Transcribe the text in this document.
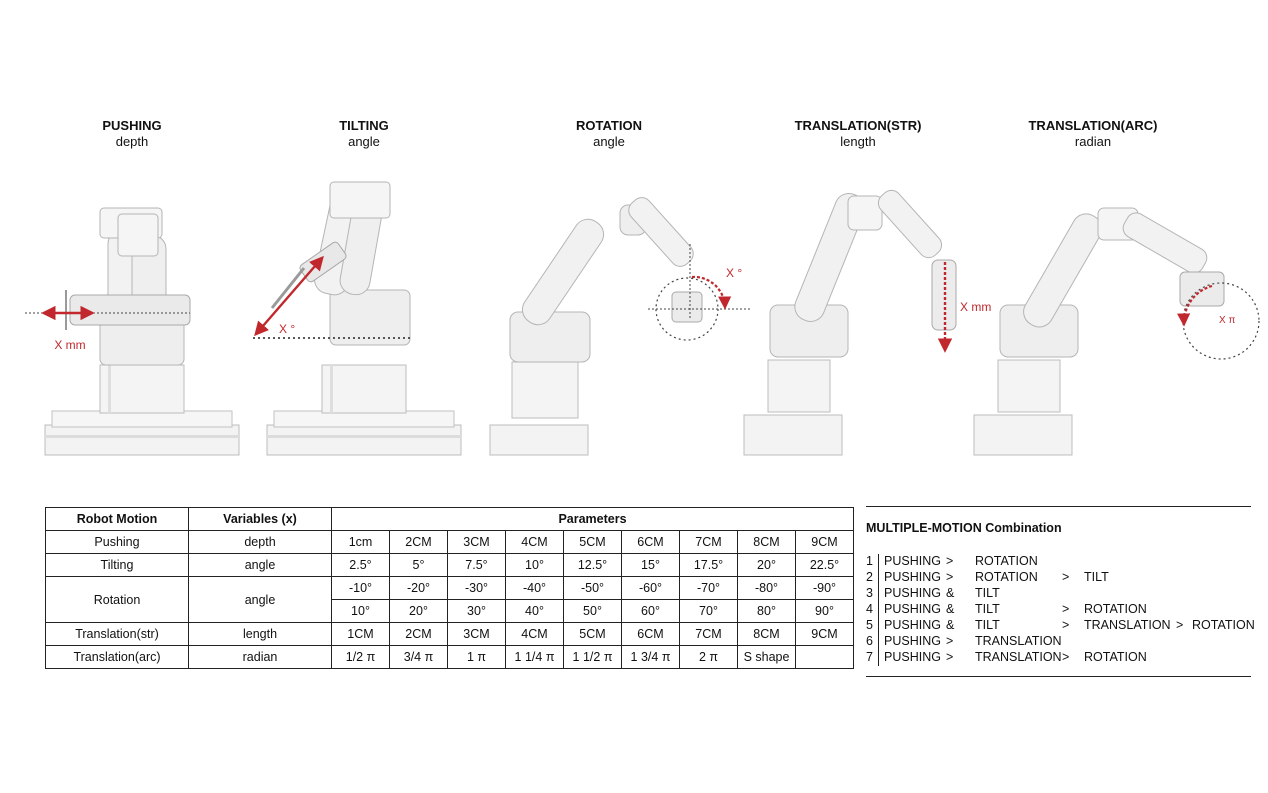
PUSHING
depth
TILTING
angle
ROTATION
angle
TRANSLATION(STR)
length
TRANSLATION(ARC)
radian
X mm
X °
X °
X mm
X π
Robot Motion	Variables (x)	Parameters								
Pushing	depth	1cm	2CM	3CM	4CM	5CM	6CM	7CM	8CM	9CM
Tilting	angle	2.5°	5°	7.5°	10°	12.5°	15°	17.5°	20°	22.5°
Rotation	angle	-10°	-20°	-30°	-40°	-50°	-60°	-70°	-80°	-90°
		10°	20°	30°	40°	50°	60°	70°	80°	90°
Translation(str)	length	1CM	2CM	3CM	4CM	5CM	6CM	7CM	8CM	9CM
Translation(arc)	radian	1/2 π	3/4 π	1 π	1 1/4 π	1 1/2 π	1 3/4 π	2 π	S shape	
MULTIPLE-MOTION Combination
1 PUSHING > ROTATION
2 PUSHING > ROTATION > TILT
3 PUSHING & TILT
4 PUSHING & TILT	> ROTATION
5 PUSHING & TILT	> TRANSLATION > ROTATION
6 PUSHING > TRANSLATION
7 PUSHING > TRANSLATION > ROTATION
